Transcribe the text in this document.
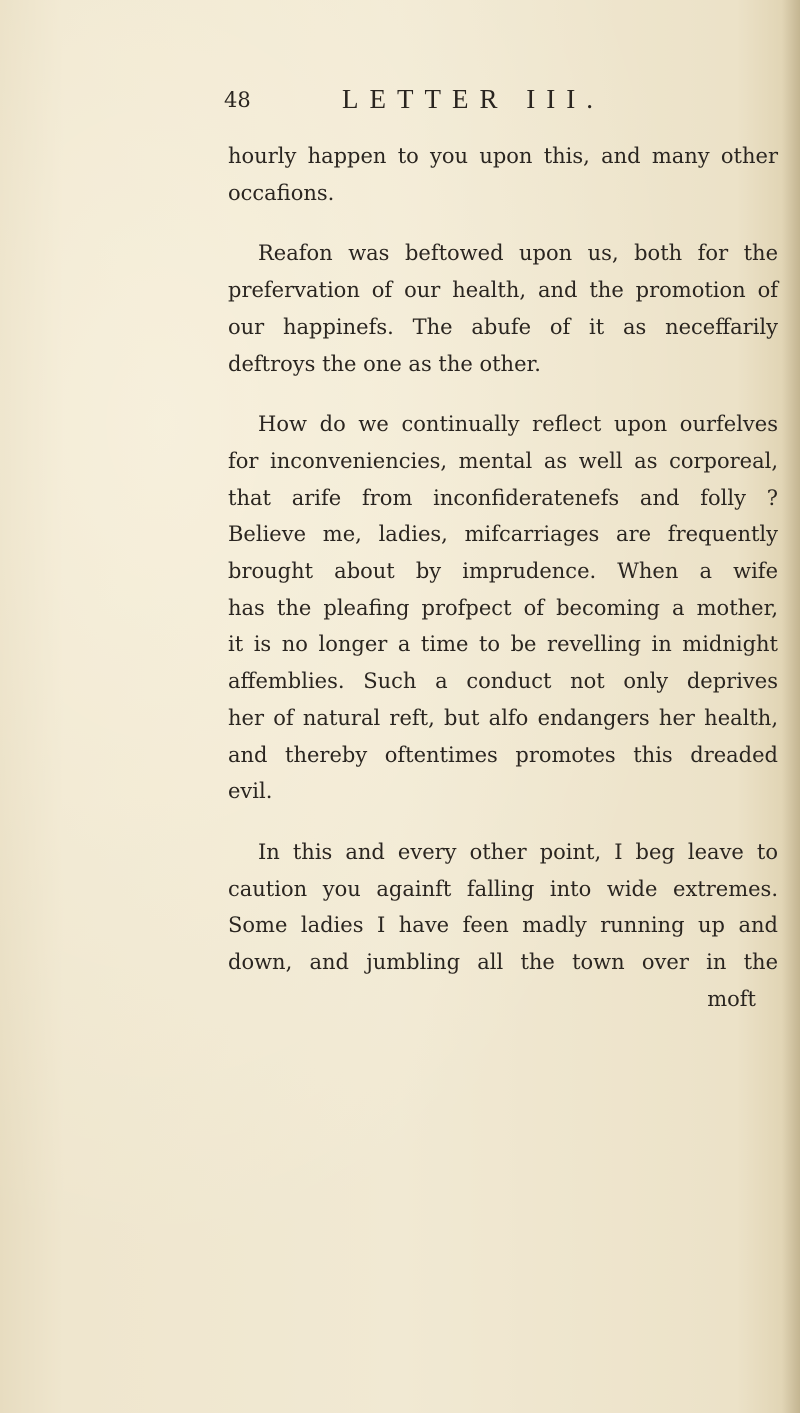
48	LETTER III.

hourly happen to you upon this, and many other
occafions.

Reafon was beftowed upon us, both for the
prefervation of our health, and the promotion of
our happinefs. The abufe of it as neceffarily
deftroys the one as the other.

How do we continually reflect upon ourfelves
for inconveniencies, mental as well as corporeal,
that arife from inconfideratenefs and folly ?
Believe me, ladies, mifcarriages are frequently
brought about by imprudence. When a wife
has the pleafing profpect of becoming a mother,
it is no longer a time to be revelling in midnight
affemblies. Such a conduct not only deprives
her of natural reft, but alfo endangers her health,
and thereby oftentimes promotes this dreaded
evil.

In this and every other point, I beg leave to
caution you againft falling into wide extremes.
Some ladies I have feen madly running up and
down, and jumbling all the town over in the
moft
